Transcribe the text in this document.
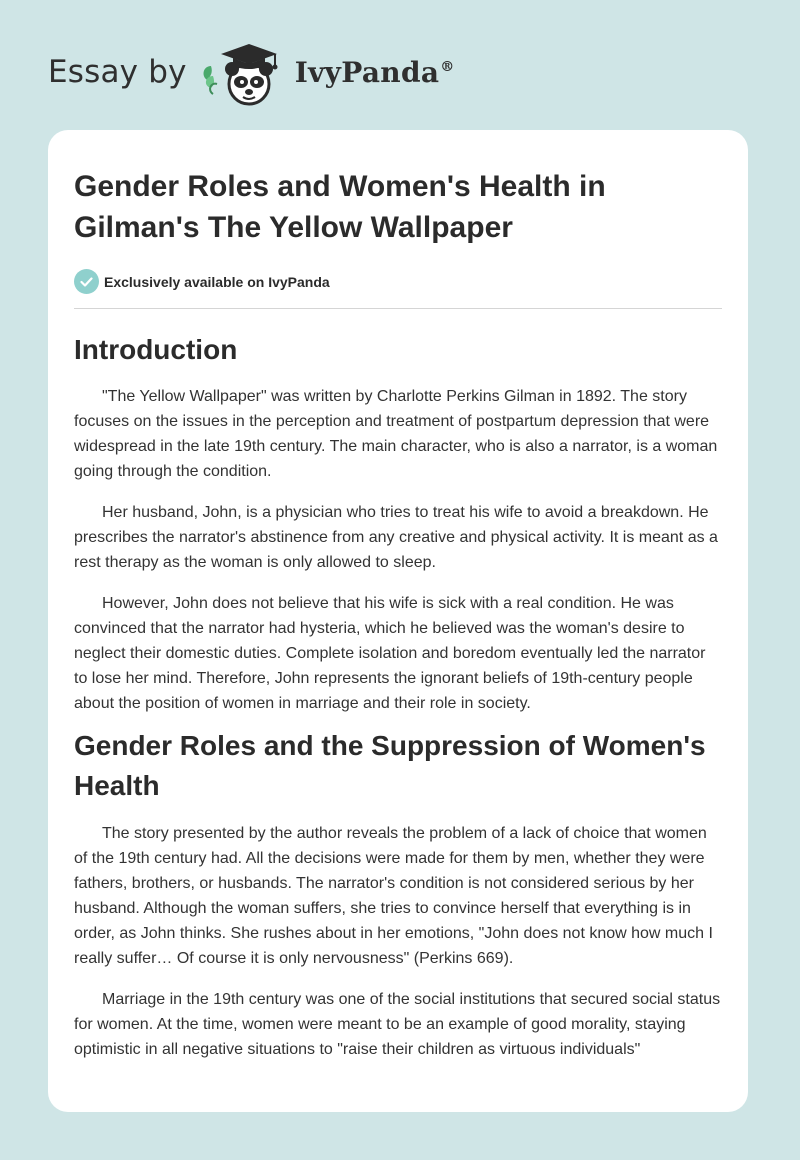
Essay by	IvyPanda®
Gender Roles and Women's Health in Gilman's The Yellow Wallpaper
Exclusively available on IvyPanda
Introduction

"The Yellow Wallpaper" was written by Charlotte Perkins Gilman in 1892. The story focuses on the issues in the perception and treatment of postpartum depression that were widespread in the late 19th century. The main character, who is also a narrator, is a woman going through the condition.

Her husband, John, is a physician who tries to treat his wife to avoid a breakdown. He prescribes the narrator's abstinence from any creative and physical activity. It is meant as a rest therapy as the woman is only allowed to sleep.

However, John does not believe that his wife is sick with a real condition. He was convinced that the narrator had hysteria, which he believed was the woman's desire to neglect their domestic duties. Complete isolation and boredom eventually led the narrator to lose her mind. Therefore, John represents the ignorant beliefs of 19th-century people about the position of women in marriage and their role in society.

Gender Roles and the Suppression of Women's Health

The story presented by the author reveals the problem of a lack of choice that women of the 19th century had. All the decisions were made for them by men, whether they were fathers, brothers, or husbands. The narrator's condition is not considered serious by her husband. Although the woman suffers, she tries to convince herself that everything is in order, as John thinks. She rushes about in her emotions, "John does not know how much I really suffer… Of course it is only nervousness" (Perkins 669).

Marriage in the 19th century was one of the social institutions that secured social status for women. At the time, women were meant to be an example of good morality, staying optimistic in all negative situations to "raise their children as virtuous individuals"
